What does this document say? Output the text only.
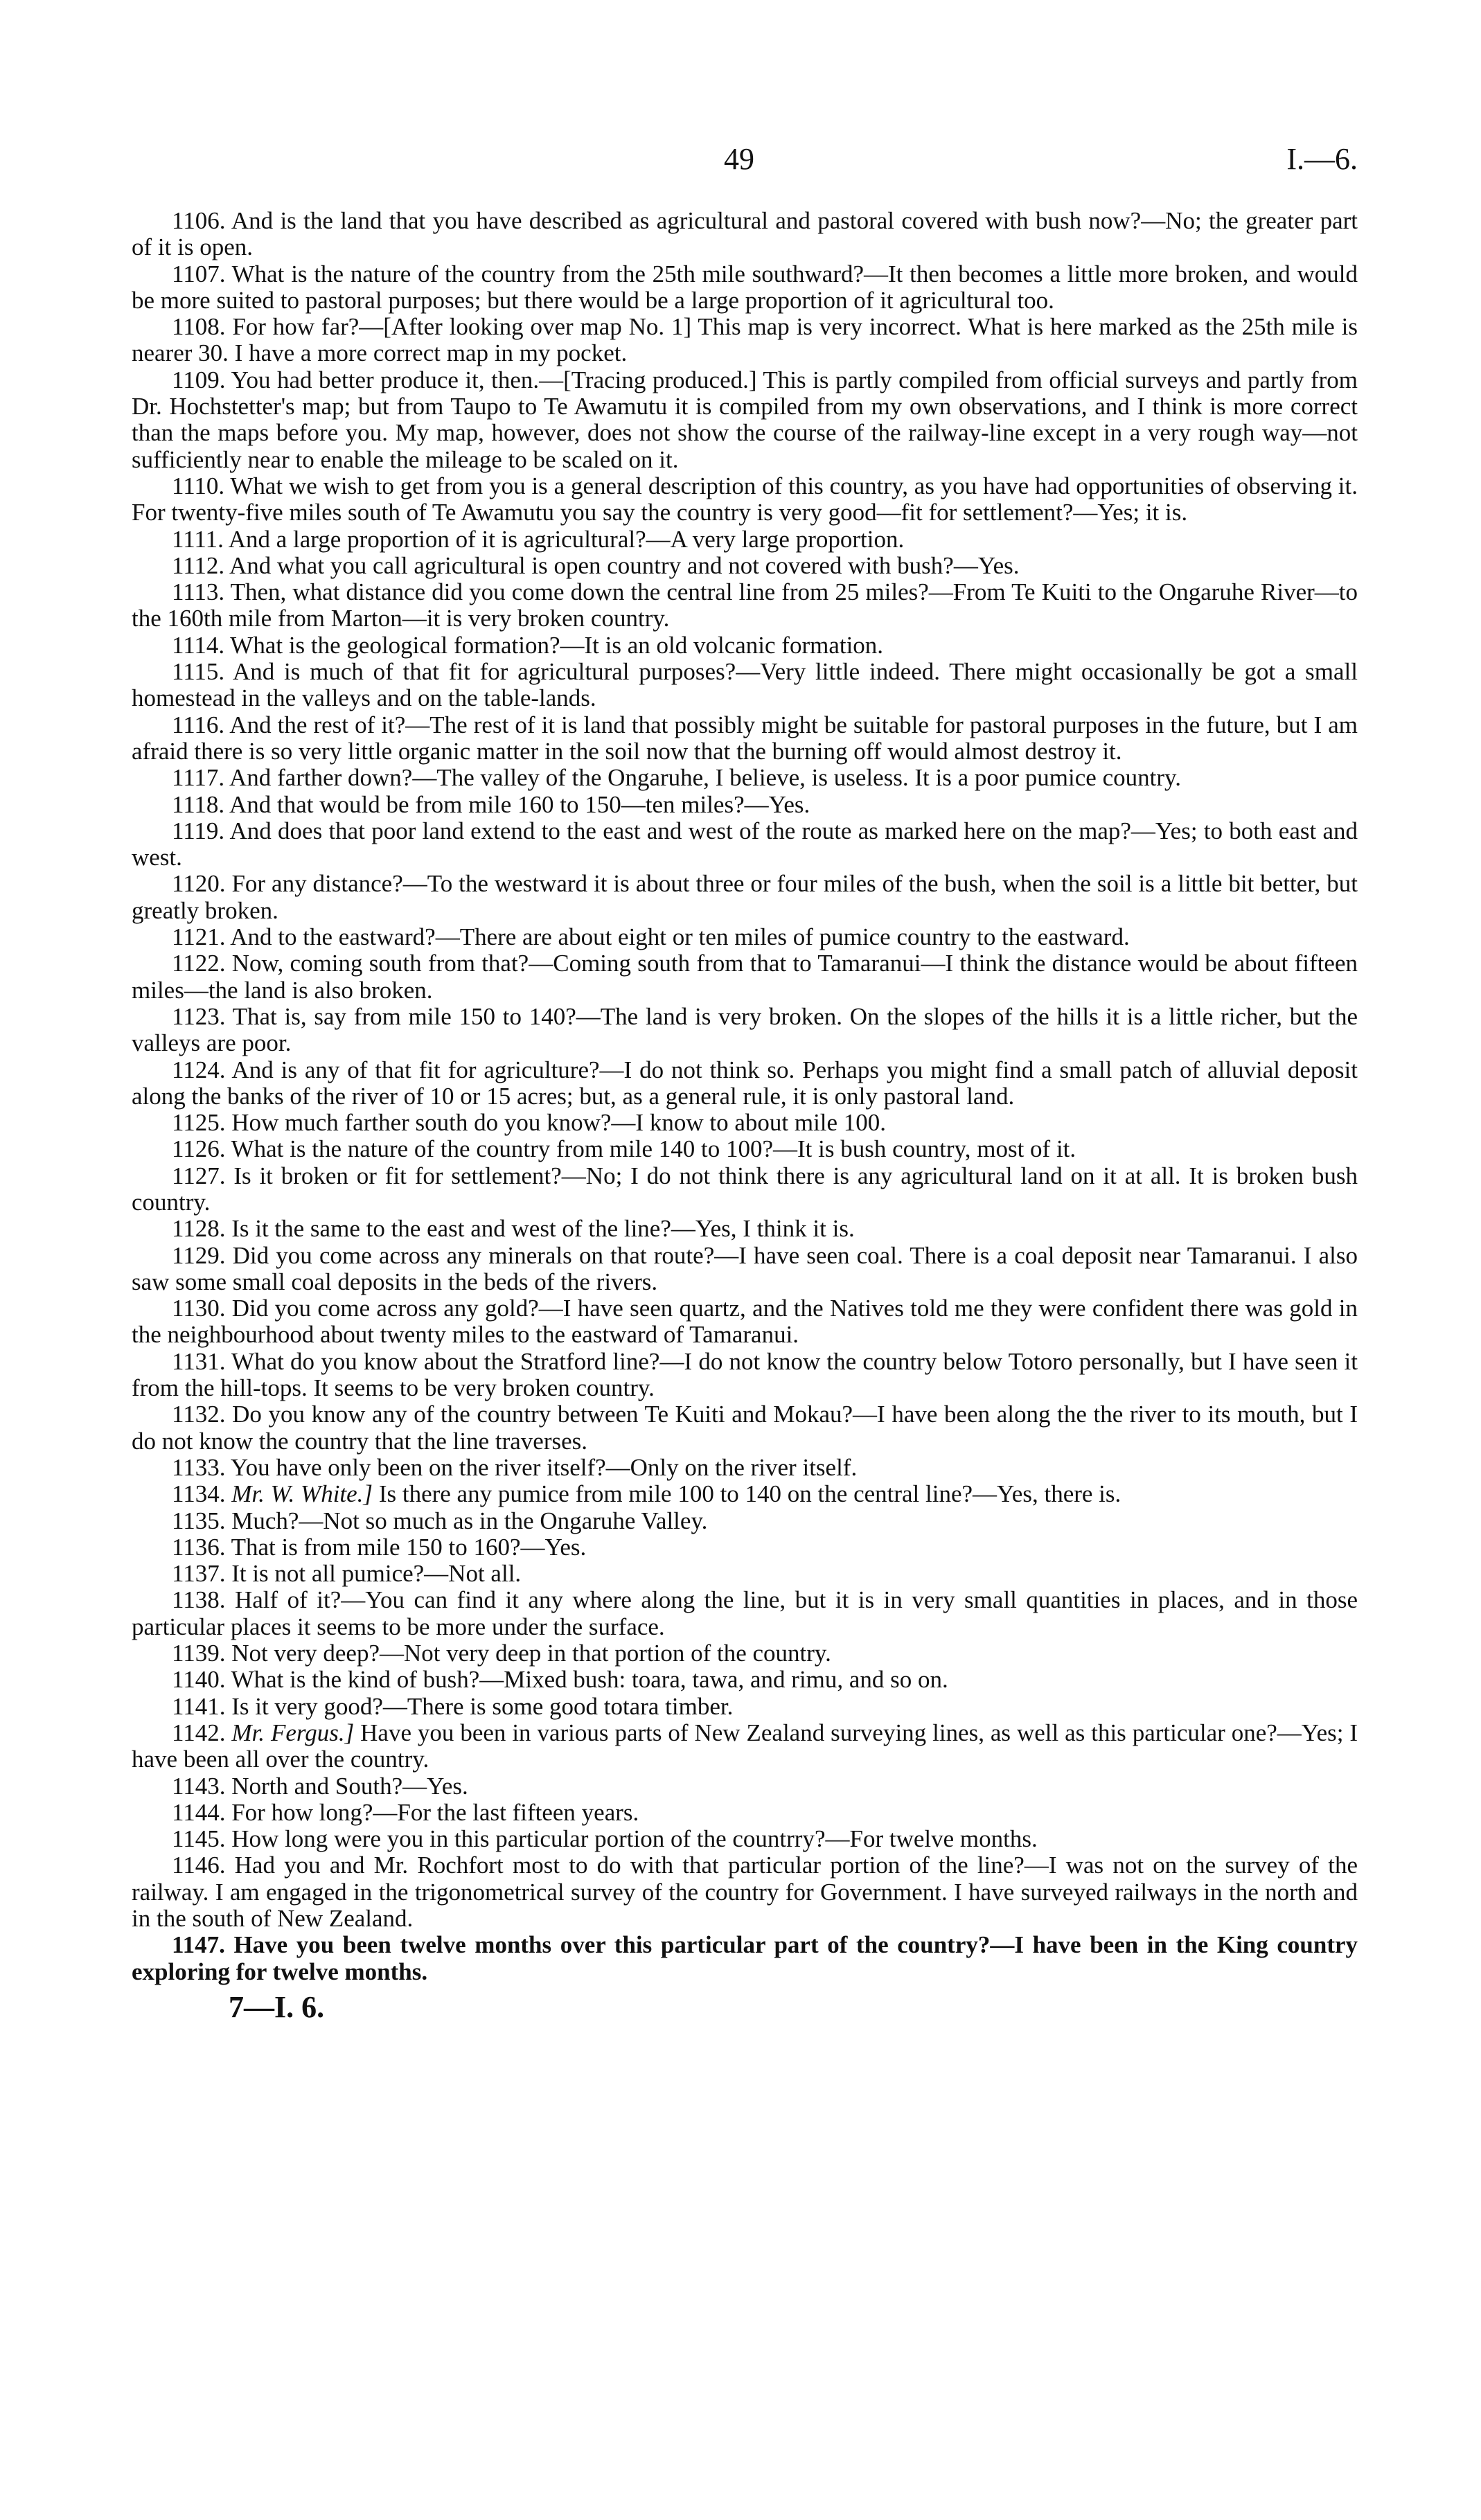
49	I.—6.

1106. And is the land that you have described as agricultural and pastoral covered with bush now?—No; the greater part of it is open.

1107. What is the nature of the country from the 25th mile southward?—It then becomes a little more broken, and would be more suited to pastoral purposes; but there would be a large proportion of it agricultural too.

1108. For how far?—[After looking over map No. 1] This map is very incorrect. What is here marked as the 25th mile is nearer 30. I have a more correct map in my pocket.

1109. You had better produce it, then.—[Tracing produced.] This is partly compiled from official surveys and partly from Dr. Hochstetter's map; but from Taupo to Te Awamutu it is compiled from my own observations, and I think is more correct than the maps before you. My map, however, does not show the course of the railway-line except in a very rough way—not sufficiently near to enable the mileage to be scaled on it.

1110. What we wish to get from you is a general description of this country, as you have had opportunities of observing it. For twenty-five miles south of Te Awamutu you say the country is very good—fit for settlement?—Yes; it is.

1111. And a large proportion of it is agricultural?—A very large proportion.

1112. And what you call agricultural is open country and not covered with bush?—Yes.

1113. Then, what distance did you come down the central line from 25 miles?—From Te Kuiti to the Ongaruhe River—to the 160th mile from Marton—it is very broken country.

1114. What is the geological formation?—It is an old volcanic formation.

1115. And is much of that fit for agricultural purposes?—Very little indeed. There might occasionally be got a small homestead in the valleys and on the table-lands.

1116. And the rest of it?—The rest of it is land that possibly might be suitable for pastoral purposes in the future, but I am afraid there is so very little organic matter in the soil now that the burning off would almost destroy it.

1117. And farther down?—The valley of the Ongaruhe, I believe, is useless. It is a poor pumice country.

1118. And that would be from mile 160 to 150—ten miles?—Yes.

1119. And does that poor land extend to the east and west of the route as marked here on the map?—Yes; to both east and west.

1120. For any distance?—To the westward it is about three or four miles of the bush, when the soil is a little bit better, but greatly broken.

1121. And to the eastward?—There are about eight or ten miles of pumice country to the eastward.

1122. Now, coming south from that?—Coming south from that to Tamaranui—I think the distance would be about fifteen miles—the land is also broken.

1123. That is, say from mile 150 to 140?—The land is very broken. On the slopes of the hills it is a little richer, but the valleys are poor.

1124. And is any of that fit for agriculture?—I do not think so. Perhaps you might find a small patch of alluvial deposit along the banks of the river of 10 or 15 acres; but, as a general rule, it is only pastoral land.

1125. How much farther south do you know?—I know to about mile 100.

1126. What is the nature of the country from mile 140 to 100?—It is bush country, most of it.

1127. Is it broken or fit for settlement?—No; I do not think there is any agricultural land on it at all. It is broken bush country.

1128. Is it the same to the east and west of the line?—Yes, I think it is.

1129. Did you come across any minerals on that route?—I have seen coal. There is a coal deposit near Tamaranui. I also saw some small coal deposits in the beds of the rivers.

1130. Did you come across any gold?—I have seen quartz, and the Natives told me they were confident there was gold in the neighbourhood about twenty miles to the eastward of Tamaranui.

1131. What do you know about the Stratford line?—I do not know the country below Totoro personally, but I have seen it from the hill-tops. It seems to be very broken country.

1132. Do you know any of the country between Te Kuiti and Mokau?—I have been along the the river to its mouth, but I do not know the country that the line traverses.

1133. You have only been on the river itself?—Only on the river itself.

1134. Mr. W. White.] Is there any pumice from mile 100 to 140 on the central line?—Yes, there is.

1135. Much?—Not so much as in the Ongaruhe Valley.

1136. That is from mile 150 to 160?—Yes.

1137. It is not all pumice?—Not all.

1138. Half of it?—You can find it any where along the line, but it is in very small quantities in places, and in those particular places it seems to be more under the surface.

1139. Not very deep?—Not very deep in that portion of the country.

1140. What is the kind of bush?—Mixed bush: toara, tawa, and rimu, and so on.

1141. Is it very good?—There is some good totara timber.

1142. Mr. Fergus.] Have you been in various parts of New Zealand surveying lines, as well as this particular one?—Yes; I have been all over the country.

1143. North and South?—Yes.

1144. For how long?—For the last fifteen years.

1145. How long were you in this particular portion of the countrry?—For twelve months.

1146. Had you and Mr. Rochfort most to do with that particular portion of the line?—I was not on the survey of the railway. I am engaged in the trigonometrical survey of the country for Government. I have surveyed railways in the north and in the south of New Zealand.

1147. Have you been twelve months over this particular part of the country?—I have been in the King country exploring for twelve months.

7—I. 6.
